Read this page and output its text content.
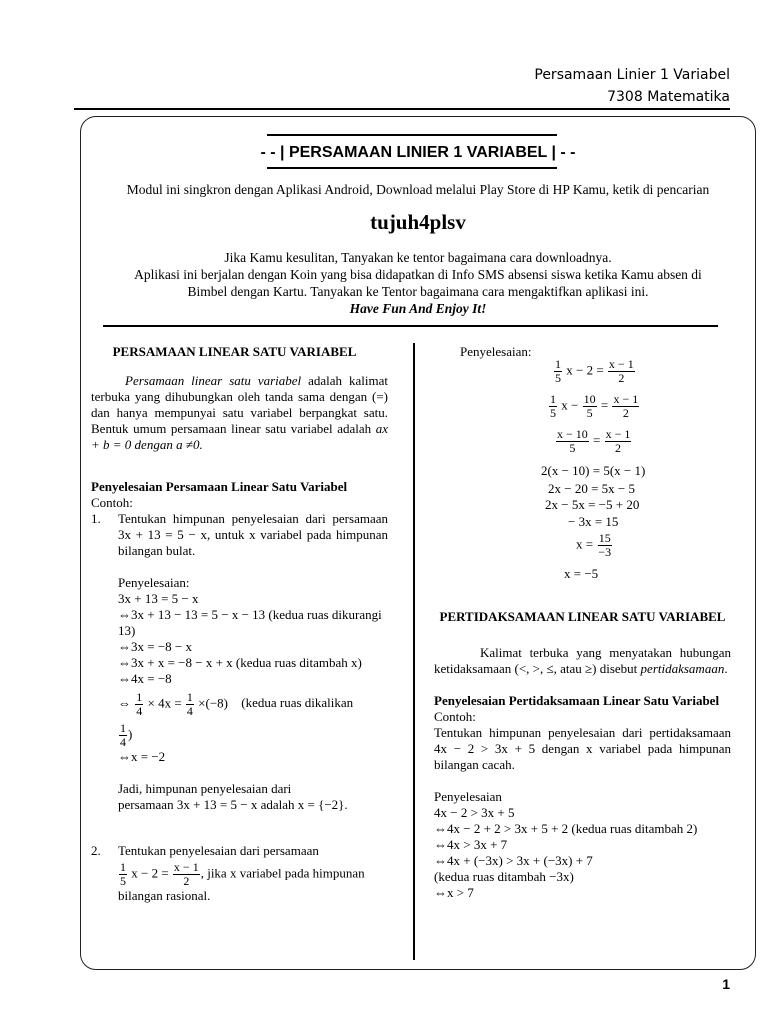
Persamaan Linier 1 Variabel
7308 Matematika
- - | PERSAMAAN LINIER 1 VARIABEL | - -
Modul ini singkron dengan Aplikasi Android, Download melalui Play Store di HP Kamu, ketik di pencarian
tujuh4plsv
Jika Kamu kesulitan, Tanyakan ke tentor bagaimana cara downloadnya.
Aplikasi ini berjalan dengan Koin yang bisa didapatkan di Info SMS absensi siswa ketika Kamu absen di
Bimbel dengan Kartu. Tanyakan ke Tentor bagaimana cara mengaktifkan aplikasi ini.
Have Fun And Enjoy It!

PERSAMAAN LINEAR SATU VARIABEL

Persamaan linear satu variabel adalah kalimat terbuka yang dihubungkan oleh tanda sama dengan (=) dan hanya mempunyai satu variabel berpangkat satu. Bentuk umum persamaan linear satu variabel adalah ax + b = 0 dengan a ≠0.

Penyelesaian Persamaan Linear Satu Variabel

Contoh:

1.	Tentukan himpunan penyelesaian dari persamaan 3x + 13 = 5 − x, untuk x variabel pada himpunan bilangan bulat.

Penyelesaian:

3x + 13 = 5 − x

⇔3x + 13 − 13 = 5 − x − 13 (kedua ruas dikurangi 13)

⇔3x = −8 − x

⇔3x + x = −8 − x + x (kedua ruas ditambah x)

⇔4x = −8

⇔ $\frac{1}{4} \times 4x = \frac{1}{4} \times(-8)$ (kedua ruas dikalikan

$\frac{1}{4}$ )

⇔x = −2

Jadi, himpunan penyelesaian dari

persamaan 3x + 13 = 5 − x adalah x = {−2}.

2.	Tentukan penyelesaian dari persamaan

$\frac{1}{5}$ $x - 2 = \frac{x - 1}{2}$ , jika x variabel pada himpunan bilangan rasional.

Penyelesaian:

$\frac{1}{5}$ $x - 2 = \frac{x - 1}{2}$
$\frac{1}{5}$ $x - \frac{10}{5} = \frac{x - 1}{2}$
$\frac{x - 10}{5} = \frac{x - 1}{2}$
2(x − 10) = 5(x − 1)
2x − 20 = 5x − 5
2x − 5x = −5 + 20
− 3x = 15
$x = \frac{15}{-3}$
x = −5

PERTIDAKSAMAAN LINEAR SATU VARIABEL

Kalimat terbuka yang menyatakan hubungan ketidaksamaan (<, >, ≤, atau ≥) disebut pertidaksamaan.

Penyelesaian Pertidaksamaan Linear Satu Variabel

Contoh:

Tentukan himpunan penyelesaian dari pertidaksamaan 4x − 2 > 3x + 5 dengan x variabel pada himpunan bilangan cacah.

Penyelesaian

4x − 2 > 3x + 5

⇔4x − 2 + 2 > 3x + 5 + 2 (kedua ruas ditambah 2)

⇔4x > 3x + 7

⇔4x + (−3x) > 3x + (−3x) + 7

(kedua ruas ditambah −3x)

⇔x > 7

1
